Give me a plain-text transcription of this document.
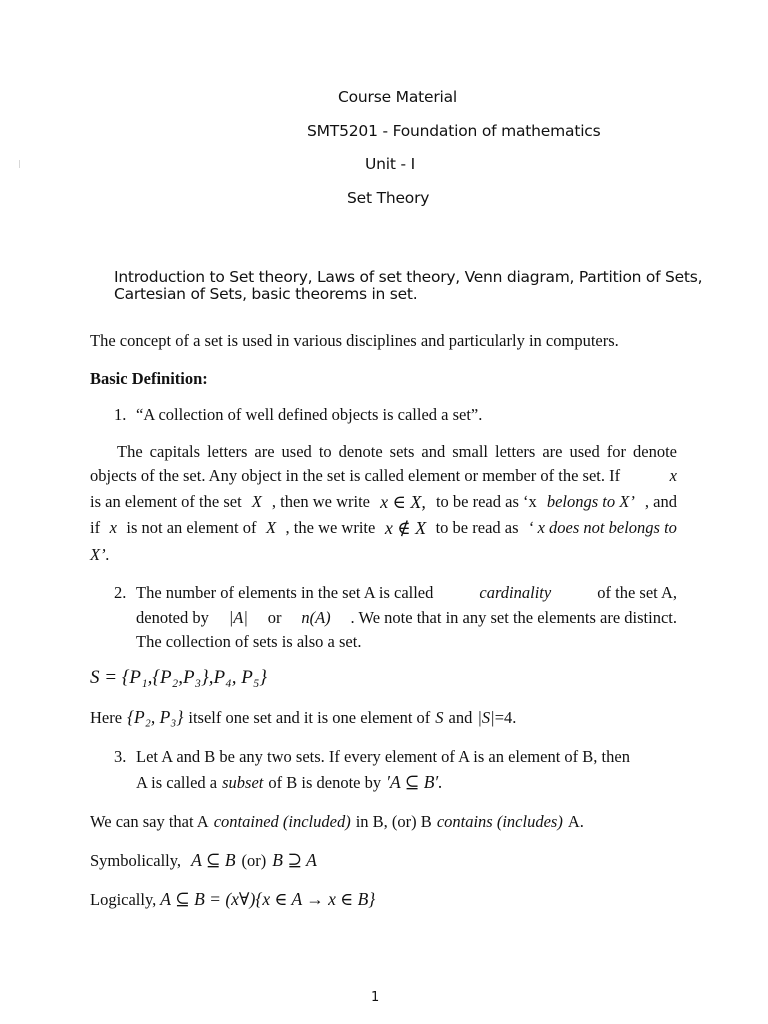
Course Material
SMT5201 - Foundation of mathematics
Unit - I
Set Theory
Introduction to Set theory, Laws of set theory, Venn diagram, Partition of Sets,
Cartesian of Sets, basic theorems in set.
The concept of a set is used in various disciplines and particularly in computers.
Basic Definition:
1. “A collection of well defined objects is called a set”.
The capitals letters are used to denote sets and small letters are used for denote
objects of the set. Any object in the set is called element or member of the set. If	x
is an element of the set X , then we write x ∈ X, to be read as ‘x belongs to X’ , and
if x is not an element of X , the we write x ∉ X to be read as ‘ x does not belongs to
X’.
2. The number of elements in the set A is called	cardinality	of the set A,
denoted by |A| or n(A) . We note that in any set the elements are distinct.
The collection of sets is also a set.
S = {P₁,{P₂,P₃},P₄, P₅}
Here {P₂, P₃} itself one set and it is one element of S and |S| =4.
3. Let A and B be any two sets. If every element of A is an element of B, then
A is called a subset of B is denote by ′A ⊆ B′.
We can say that A contained (included) in B, (or) B contains (includes) A.
Symbolically, A ⊆ B (or) B ⊇ A
Logically, A ⊆ B = (x∀){x ∈ A → x ∈ B}
1
